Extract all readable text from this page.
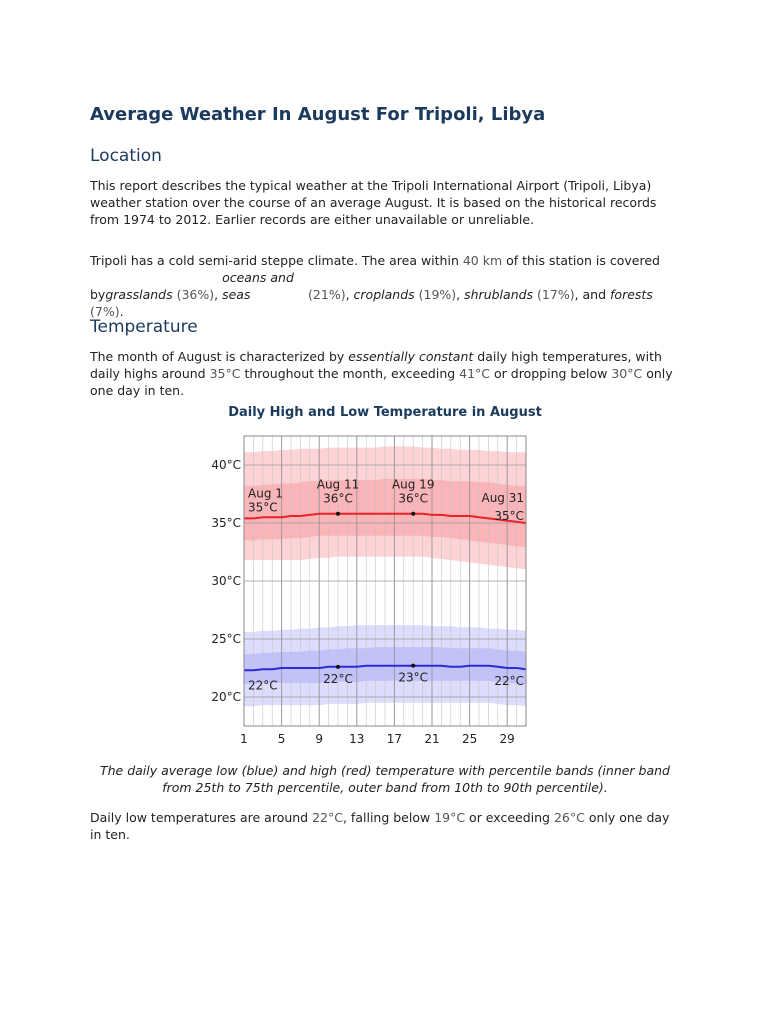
Average Weather In August For Tripoli, Libya
Location

This report describes the typical weather at the Tripoli International Airport (Tripoli, Libya) weather station over the course of an average August. It is based on the historical records from 1974 to 2012. Earlier records are either unavailable or unreliable.

Tripoli has a cold semi-arid steppe climate. The area within 40 km of this station is covered bygrasslands (36%), oceans and seas	(21%), croplands (19%), shrublands (17%), and forests (7%).

Temperature

The month of August is characterized by essentially constant daily high temperatures, with daily highs around 35°C throughout the month, exceeding 41°C or dropping below 30°C only one day in ten.

Daily High and Low Temperature in August

The daily average low (blue) and high (red) temperature with percentile bands (inner band from 25th to 75th percentile, outer band from 10th to 90th percentile).

Daily low temperatures are around 22°C, falling below 19°C or exceeding 26°C only one day in ten.

20°C
25°C
30°C
35°C
40°C
1 5 9 13 17 21 25 29
Aug 1
35°C
Aug 11
36°C
Aug 19
36°C	Aug 31
35°C
22°C	22°C	23°C	22°C
